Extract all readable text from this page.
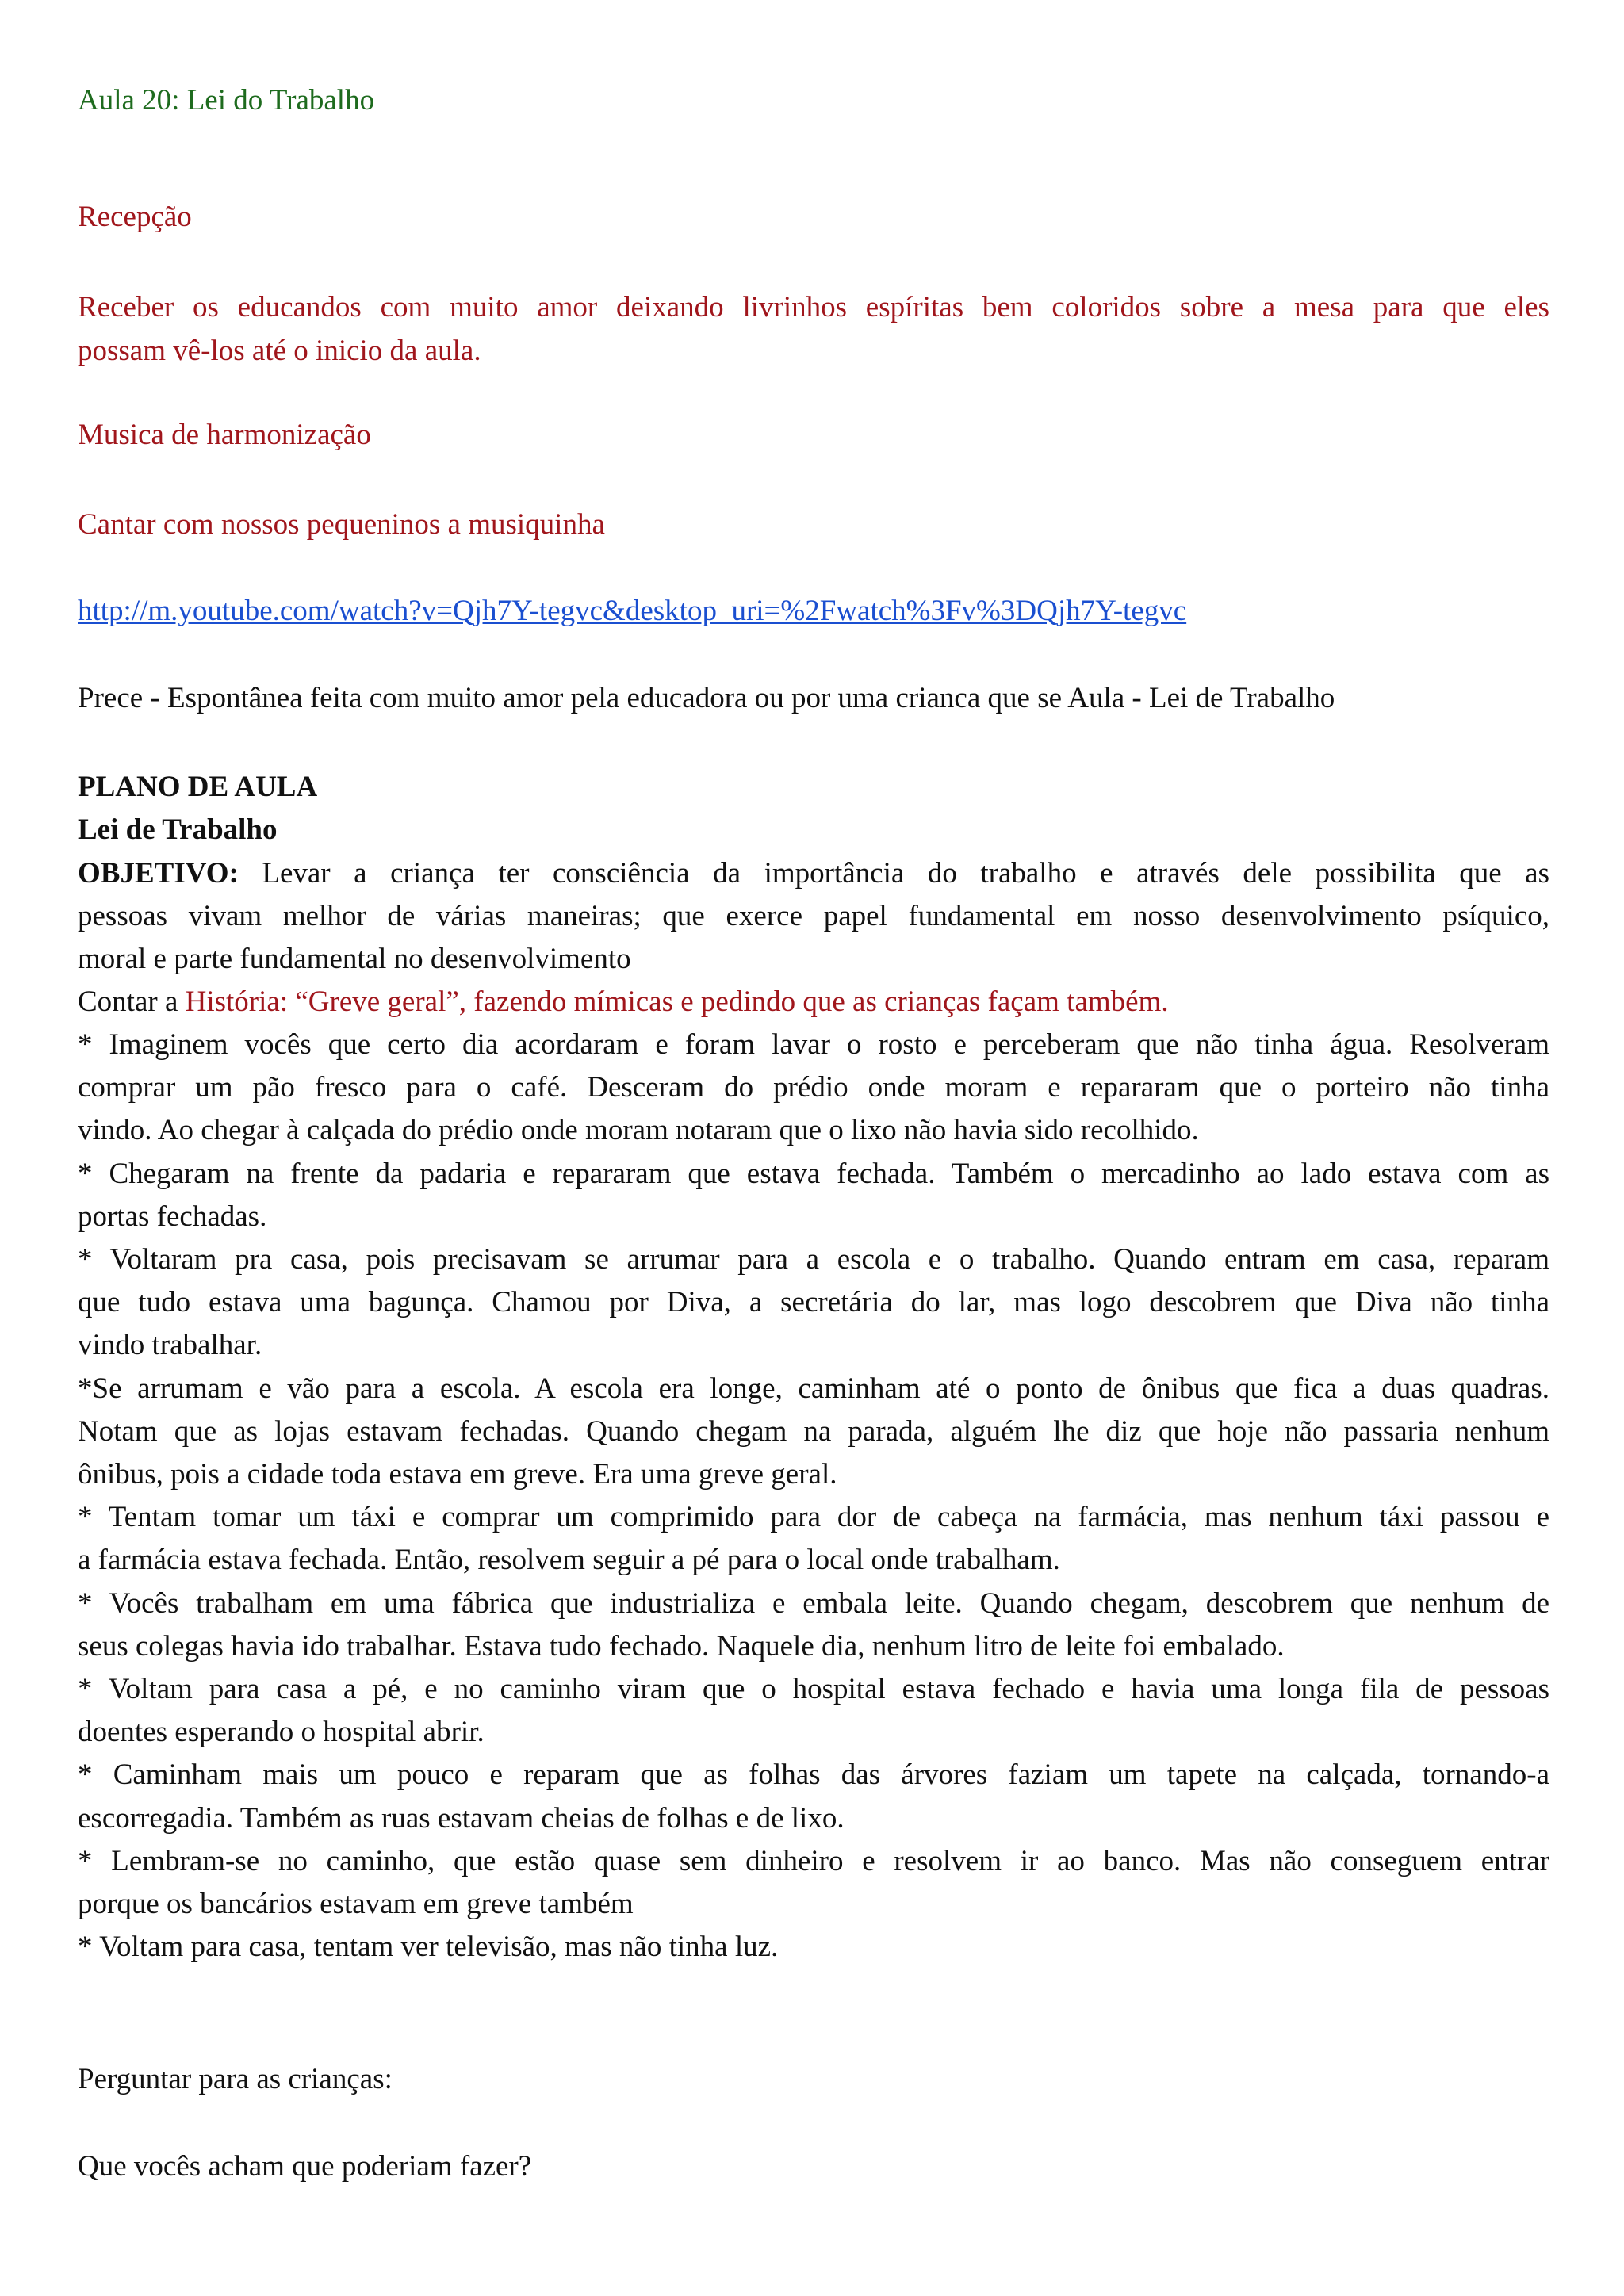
Aula 20: Lei do Trabalho
Recepção
Receber os educandos com muito amor deixando livrinhos espíritas bem coloridos sobre a mesa para que eles
possam vê-los até o inicio da aula.
Musica de harmonização
Cantar com nossos pequeninos a musiquinha
http://m.youtube.com/watch?v=Qjh7Y-tegvc&desktop_uri=%2Fwatch%3Fv%3DQjh7Y-tegvc
Prece - Espontânea feita com muito amor pela educadora ou por uma crianca que se Aula - Lei de Trabalho
PLANO DE AULA
Lei de Trabalho
OBJETIVO: Levar a criança ter consciência da importância do trabalho e através dele possibilita que as
pessoas vivam melhor de várias maneiras; que exerce papel fundamental em nosso desenvolvimento psíquico,
moral e parte fundamental no desenvolvimento
Contar a História: “Greve geral”, fazendo mímicas e pedindo que as crianças façam também.
* Imaginem vocês que certo dia acordaram e foram lavar o rosto e perceberam que não tinha água. Resolveram
comprar um pão fresco para o café. Desceram do prédio onde moram e repararam que o porteiro não tinha
vindo. Ao chegar à calçada do prédio onde moram notaram que o lixo não havia sido recolhido.
* Chegaram na frente da padaria e repararam que estava fechada. Também o mercadinho ao lado estava com as
portas fechadas.
* Voltaram pra casa, pois precisavam se arrumar para a escola e o trabalho. Quando entram em casa, reparam
que tudo estava uma bagunça. Chamou por Diva, a secretária do lar, mas logo descobrem que Diva não tinha
vindo trabalhar.
*Se arrumam e vão para a escola. A escola era longe, caminham até o ponto de ônibus que fica a duas quadras.
Notam que as lojas estavam fechadas. Quando chegam na parada, alguém lhe diz que hoje não passaria nenhum
ônibus, pois a cidade toda estava em greve. Era uma greve geral.
* Tentam tomar um táxi e comprar um comprimido para dor de cabeça na farmácia, mas nenhum táxi passou e
a farmácia estava fechada. Então, resolvem seguir a pé para o local onde trabalham.
* Vocês trabalham em uma fábrica que industrializa e embala leite. Quando chegam, descobrem que nenhum de
seus colegas havia ido trabalhar. Estava tudo fechado. Naquele dia, nenhum litro de leite foi embalado.
* Voltam para casa a pé, e no caminho viram que o hospital estava fechado e havia uma longa fila de pessoas
doentes esperando o hospital abrir.
* Caminham mais um pouco e reparam que as folhas das árvores faziam um tapete na calçada, tornando-a
escorregadia. Também as ruas estavam cheias de folhas e de lixo.
* Lembram-se no caminho, que estão quase sem dinheiro e resolvem ir ao banco. Mas não conseguem entrar
porque os bancários estavam em greve também
* Voltam para casa, tentam ver televisão, mas não tinha luz.
Perguntar para as crianças:
Que vocês acham que poderiam fazer?
